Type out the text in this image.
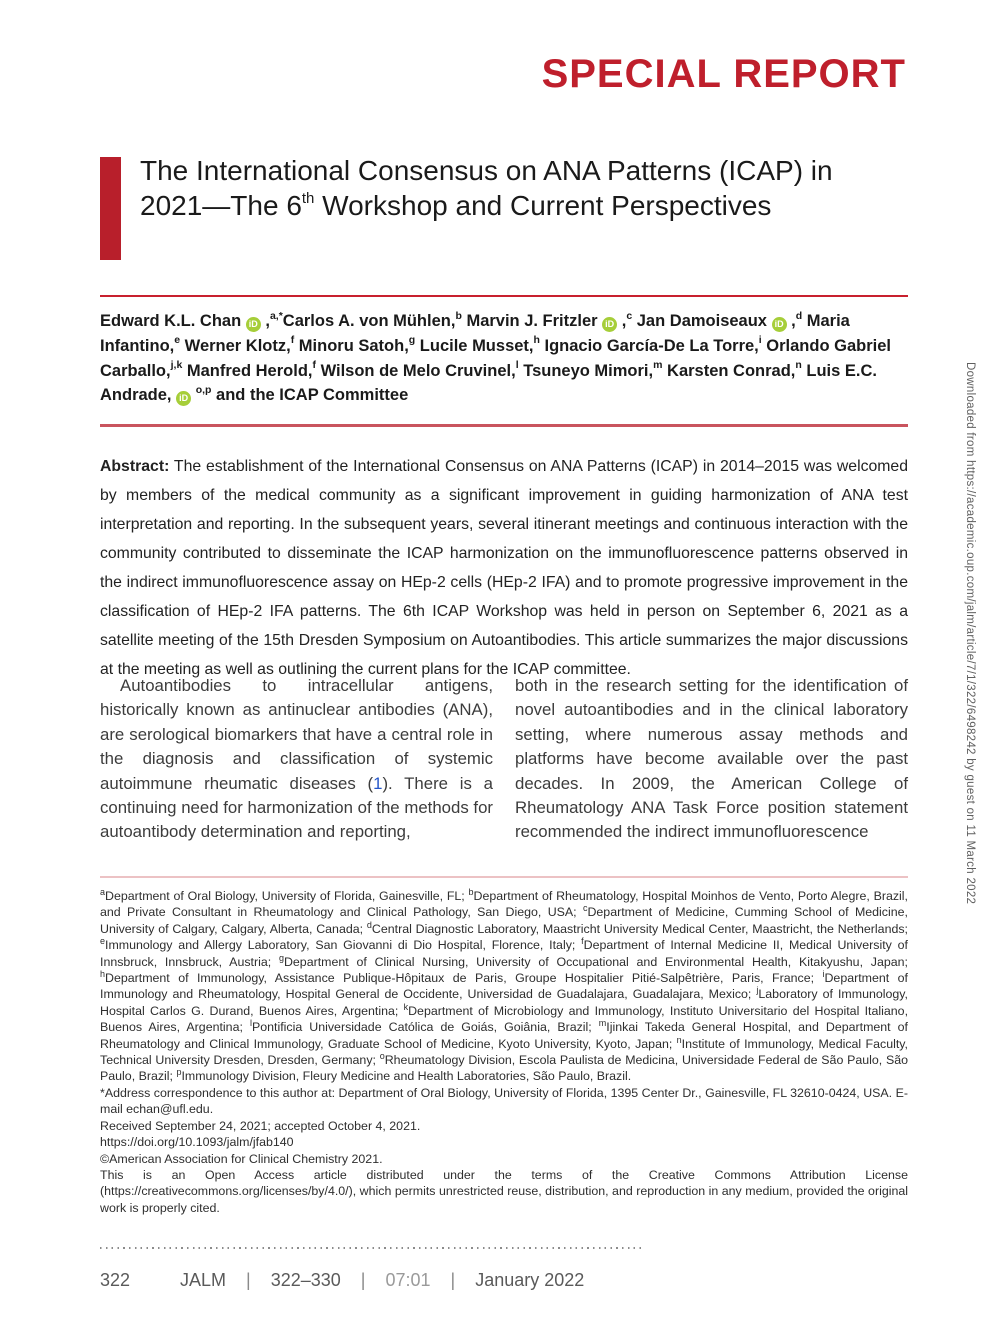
SPECIAL REPORT
The International Consensus on ANA Patterns (ICAP) in 2021—The 6th Workshop and Current Perspectives
Edward K.L. Chan iD ,$^{a,*}$Carlos A. von Mühlen,$^b$ Marvin J. Fritzler iD ,$^c$ Jan Damoiseaux iD ,$^d$ Maria Infantino,$^e$ Werner Klotz,$^f$ Minoru Satoh,$^g$ Lucile Musset,$^h$ Ignacio García-De La Torre,$^i$ Orlando Gabriel Carballo,$^{j,k}$ Manfred Herold,$^f$ Wilson de Melo Cruvinel,$^l$ Tsuneyo Mimori,$^m$ Karsten Conrad,$^n$ Luis E.C. Andrade, iD $^{o,p}$ and the ICAP Committee
Abstract: The establishment of the International Consensus on ANA Patterns (ICAP) in 2014–2015 was welcomed by members of the medical community as a significant improvement in guiding harmonization of ANA test interpretation and reporting. In the subsequent years, several itinerant meetings and continuous interaction with the community contributed to disseminate the ICAP harmonization on the immunofluorescence patterns observed in the indirect immunofluorescence assay on HEp-2 cells (HEp-2 IFA) and to promote progressive improvement in the classification of HEp-2 IFA patterns. The 6th ICAP Workshop was held in person on September 6, 2021 as a satellite meeting of the 15th Dresden Symposium on Autoantibodies. This article summarizes the major discussions at the meeting as well as outlining the current plans for the ICAP committee.

Autoantibodies to intracellular antigens, historically known as antinuclear antibodies (ANA), are serological biomarkers that have a central role in the diagnosis and classification of systemic autoimmune rheumatic diseases (1). There is a continuing need for harmonization of the methods for autoantibody determination and reporting,

both in the research setting for the identification of novel autoantibodies and in the clinical laboratory setting, where numerous assay methods and platforms have become available over the past decades. In 2009, the American College of Rheumatology ANA Task Force position statement recommended the indirect immunofluorescence

$^a$Department of Oral Biology, University of Florida, Gainesville, FL; $^b$Department of Rheumatology, Hospital Moinhos de Vento, Porto Alegre, Brazil, and Private Consultant in Rheumatology and Clinical Pathology, San Diego, USA; $^c$Department of Medicine, Cumming School of Medicine, University of Calgary, Calgary, Alberta, Canada; $^d$Central Diagnostic Laboratory, Maastricht University Medical Center, Maastricht, the Netherlands; $^e$Immunology and Allergy Laboratory, San Giovanni di Dio Hospital, Florence, Italy; $^f$Department of Internal Medicine II, Medical University of Innsbruck, Innsbruck, Austria; $^g$Department of Clinical Nursing, University of Occupational and Environmental Health, Kitakyushu, Japan; $^h$Department of Immunology, Assistance Publique-Hôpitaux de Paris, Groupe Hospitalier Pitié-Salpêtrière, Paris, France; $^i$Department of Immunology and Rheumatology, Hospital General de Occidente, Universidad de Guadalajara, Guadalajara, Mexico; $^j$Laboratory of Immunology, Hospital Carlos G. Durand, Buenos Aires, Argentina; $^k$Department of Microbiology and Immunology, Instituto Universitario del Hospital Italiano, Buenos Aires, Argentina; $^l$Pontificia Universidade Católica de Goiás, Goiânia, Brazil; $^m$Ijinkai Takeda General Hospital, and Department of Rheumatology and Clinical Immunology, Graduate School of Medicine, Kyoto University, Kyoto, Japan; $^n$Institute of Immunology, Medical Faculty, Technical University Dresden, Dresden, Germany; $^o$Rheumatology Division, Escola Paulista de Medicina, Universidade Federal de São Paulo, São Paulo, Brazil; $^p$Immunology Division, Fleury Medicine and Health Laboratories, São Paulo, Brazil.

*Address correspondence to this author at: Department of Oral Biology, University of Florida, 1395 Center Dr., Gainesville, FL 32610-0424, USA. E-mail echan@ufl.edu.

Received September 24, 2021; accepted October 4, 2021.

https://doi.org/10.1093/jalm/jfab140

©American Association for Clinical Chemistry 2021.

This is an Open Access article distributed under the terms of the Creative Commons Attribution License (https://creativecommons.org/licenses/by/4.0/), which permits unrestricted reuse, distribution, and reproduction in any medium, provided the original work is properly cited.

322	JALM | 322–330 | 07:01 | January 2022
Downloaded from https://academic.oup.com/jalm/article/7/1/322/6498242 by guest on 11 March 2022
